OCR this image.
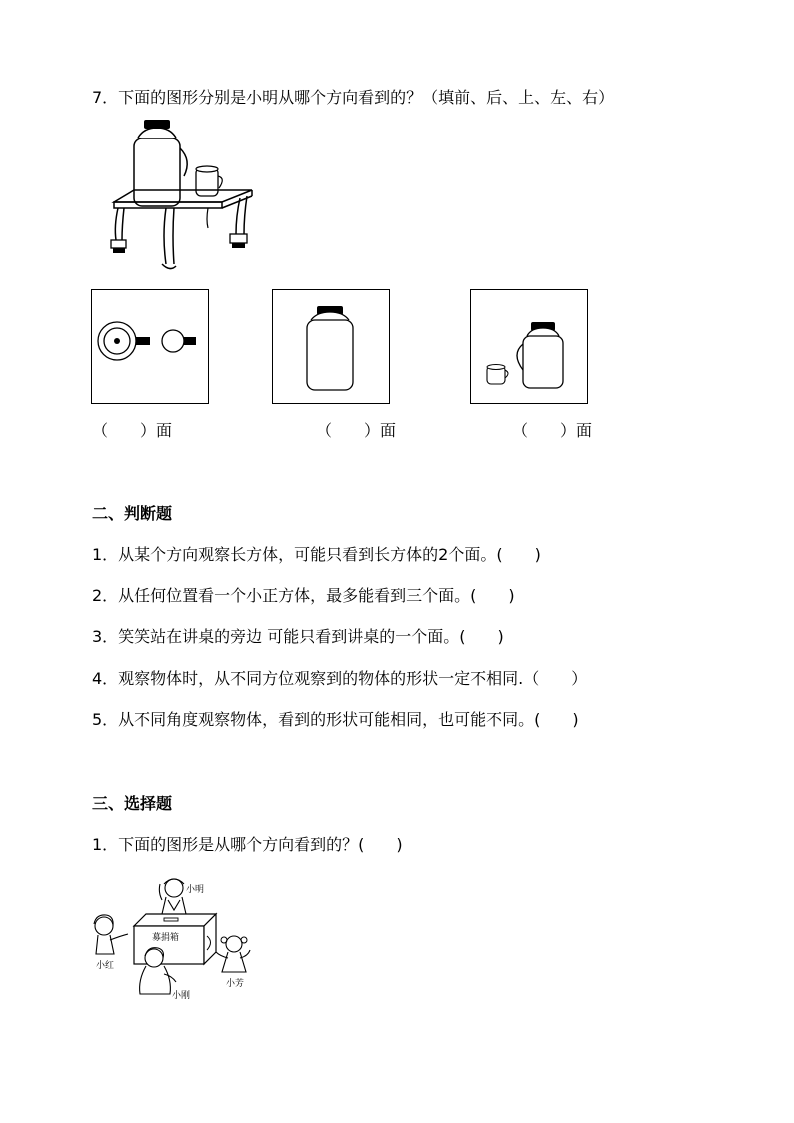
7．下面的图形分别是小明从哪个方向看到的？（填前、后、上、左、右）
（　　）面	（　　）面	（　　）面
二、判断题
1．从某个方向观察长方体，可能只看到长方体的2个面。(　　)
2．从任何位置看一个小正方体，最多能看到三个面。(　　)
3．笑笑站在讲桌的旁边 可能只看到讲桌的一个面。(　　)
4．观察物体时，从不同方位观察到的物体的形状一定不相同.（　　）
5．从不同角度观察物体，看到的形状可能相同，也可能不同。(　　)
三、选择题
1．下面的图形是从哪个方向看到的？(　　)
小明
募捐箱
小红
小刚
小芳
